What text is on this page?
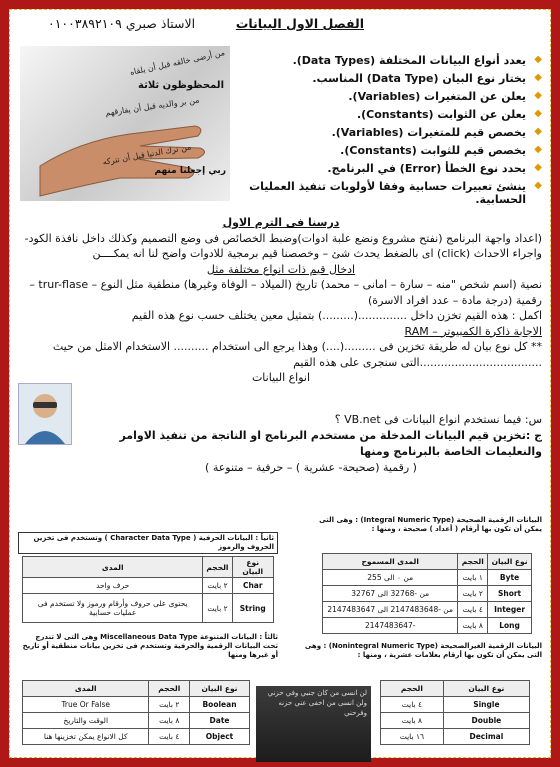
الاستاذ صبري ٠١٠٠٣٨٩٢١٠٩	الفصل الاول البيانات
المحظوظون ثلاثة
من أرضى خالقه قبل أن يلقاه
من بر والديه قبل أن يفارقهم
من ترك الدنيا قبل أن تتركه
ربي إجعلنا منهم
◆ يعدد أنواع البيانات المختلفة (Data Types).
◆ يختار نوع البيان (Data Type) المناسب.
◆ يعلن عن المتغيرات (Variables).
◆ يعلن عن الثوابت (Constants).
◆ يخصص قيم للمتغيرات (Variables).
◆ يخصص قيم للثوابت (Constants).
◆ يحدد نوع الخطأ (Error) في البرنامج.
◆ ينشئ تعبيرات حسابية وفقا لأولويات تنفيذ العمليات الحسابية.
درسنا فى الترم الاول
(اعداد واجهة البرنامج (نفتح مشروع ونضع علبة ادوات)وضبط الخصائص فى وضع التصميم وكذلك داخل نافذة الكود- واجراء الاحداث (click) اى بالضغط يحدث شئ – وخصصنا قيم برمجية للادوات واضح لنا انه يمكــــن
ادخال قيم ذات انواع مختلفة مثل
نصية (اسم شخص "منه – سارة – امانى – محمد) تاريخ (الميلاد – الوفاة وغيرها) منطقية مثل النوع – trur-flase –رقمية (درجة مادة – عدد افراد الاسرة)
اكمل : هذه القيم تخزن داخل ..............(.........) بتمثيل معين يختلف حسب نوع هذه القيم
الاجابة ذاكرة الكمبيوتر – RAM
** كل نوع بيان له طريقة تخزين فى .........(....) وهذا يرجع الى استخدام .......... الاستخدام الامثل من حيث ...................................التى سنجرى على هذه القيم
انواع البيانات
س: فيما نستخدم انواع البيانات فى VB.net ؟
ج :تخزين قيم البيانات المدخلة من مستخدم البرنامج او الناتجة من تنفيذ الاوامر والنعليمات الخاصة بالبرنامج ومنها
( رقمية (صحيحة- عشرية ) – حرفية – متنوعة )
البيانات الرقمية الصحيحة (Integral Numeric Type) : وهى التى يمكن أن تكون بها أرقام ( أعداد ) صحيحة ، ومنها :
نوع البيان	الحجم	المدى المسموح
Byte	١ بايت	من ٠ الى 255
Short	٢ بايت	من -32768 الى 32767
Integer	٤ بايت	من -2147483648 الى 2147483647
Long	٨ بايت	-2147483647
ثانياً : البيانات الحرفية ( Character Data Type ) وتستخدم فى تخزين الحروف والرموز
نوع البيان	الحجم	المدى
Char	٢ بايت	حرف واحد
String	٢ بايت	يحتوى على حروف وأرقام ورموز ولا تستخدم فى عمليات حسابية
البيانات الرقمية الغيرالصحيحة (Nonintegral Numeric Type) : وهى التى يمكن أن تكون بها أرقام بعلامات عشرية ، ومنها :
نوع البيان	الحجم
Single	٤ بايت
Double	٨ بايت
Decimal	١٦ بايت
ثالثاً : البيانات المتنوعة Miscellaneous Data Type وهى التى لا تندرج تحت البيانات الرقمية والحرفية وتستخدم فى تخزين بيانات منطقية أو تاريخ أو غيرها ومنها
نوع البيان	الحجم	المدى
Boolean	٢ بايت	True Or False
Date	٨ بايت	الوقت والتاريخ
Object	٤ بايت	كل الانواع يمكن تخزينها هنا
لن انسى من كان جنبي وفي حزني ولن انسى من اخفى عني حزنه وفرحني
